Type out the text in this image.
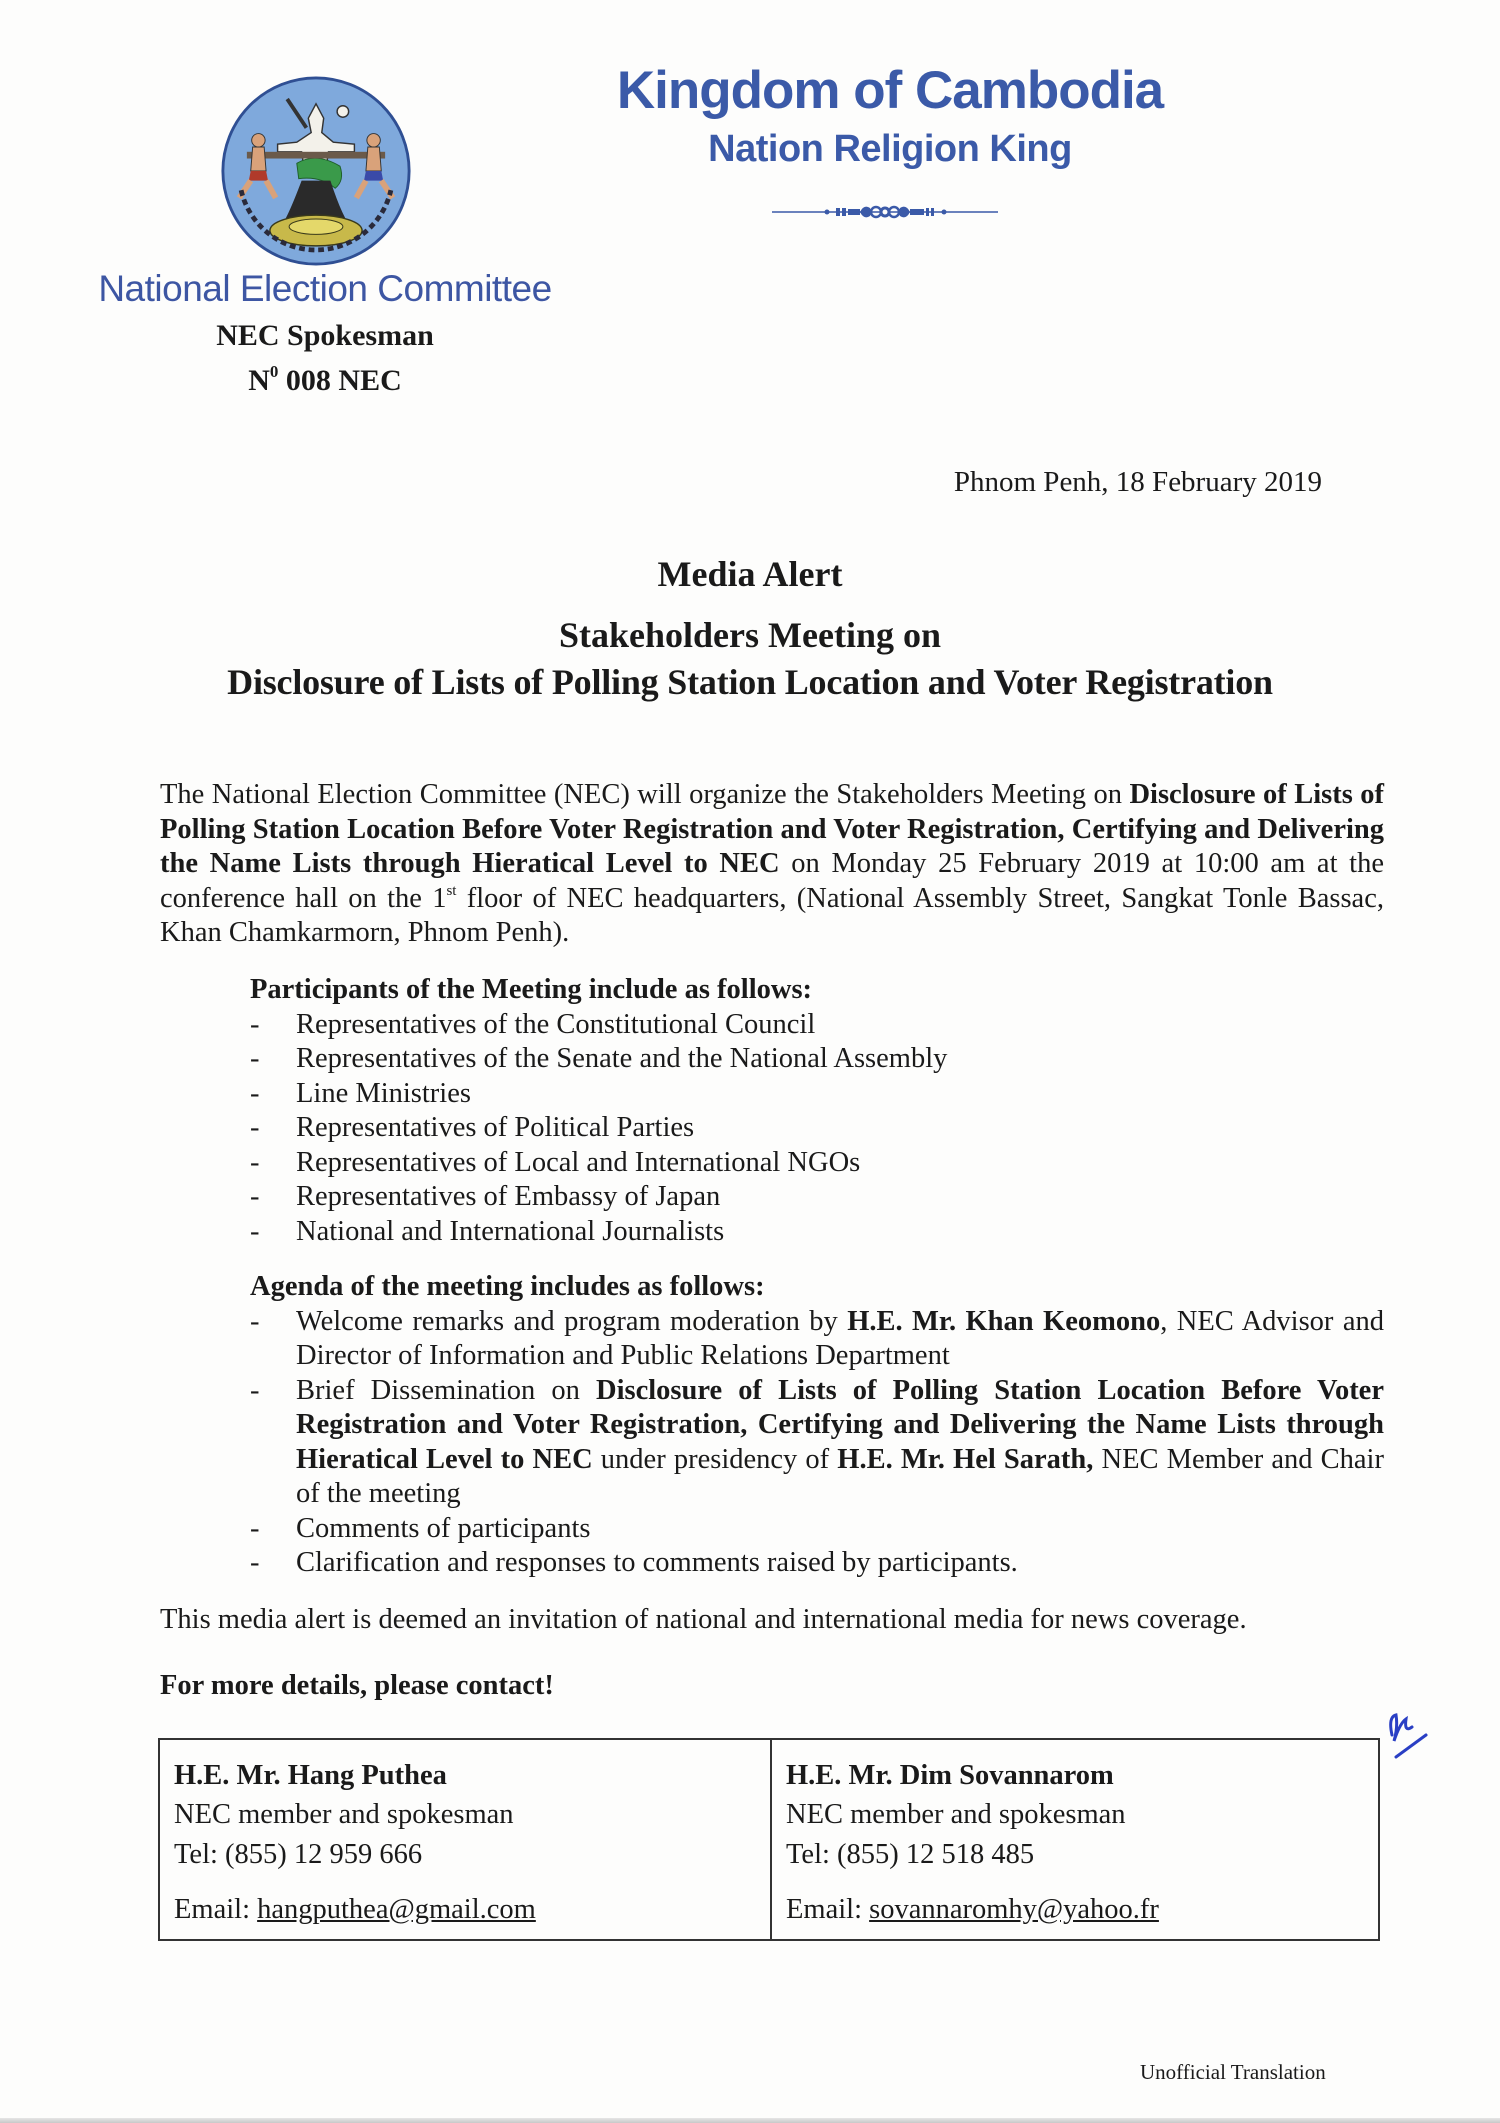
National Election Committee
NEC Spokesman
$N^0$ 008 NEC
Kingdom of Cambodia
Nation Religion King
Phnom Penh, 18 February 2019
Media Alert
Stakeholders Meeting on
Disclosure of Lists of Polling Station Location and Voter Registration

The National Election Committee (NEC) will organize the Stakeholders Meeting on Disclosure of Lists of Polling Station Location Before Voter Registration and Voter Registration, Certifying and Delivering the Name Lists through Hieratical Level to NEC on Monday 25 February 2019 at 10:00 am at the conference hall on the 1st floor of NEC headquarters, (National Assembly Street, Sangkat Tonle Bassac, Khan Chamkarmorn, Phnom Penh).

Participants of the Meeting include as follows:
- Representatives of the Constitutional Council
- Representatives of the Senate and the National Assembly
- Line Ministries
- Representatives of Political Parties
- Representatives of Local and International NGOs
- Representatives of Embassy of Japan
- National and International Journalists
Agenda of the meeting includes as follows:
- Welcome remarks and program moderation by H.E. Mr. Khan Keomono, NEC Advisor and Director of Information and Public Relations Department
- Brief Dissemination on Disclosure of Lists of Polling Station Location Before Voter Registration and Voter Registration, Certifying and Delivering the Name Lists through Hieratical Level to NEC under presidency of H.E. Mr. Hel Sarath, NEC Member and Chair of the meeting
- Comments of participants
- Clarification and responses to comments raised by participants.
This media alert is deemed an invitation of national and international media for news coverage.
For more details, please contact!
H.E. Mr. Hang Puthea
NEC member and spokesman
Tel: (855) 12 959 666
Email: hangputhea@gmail.com
H.E. Mr. Dim Sovannarom
NEC member and spokesman
Tel: (855) 12 518 485
Email: sovannaromhy@yahoo.fr
Unofficial Translation
